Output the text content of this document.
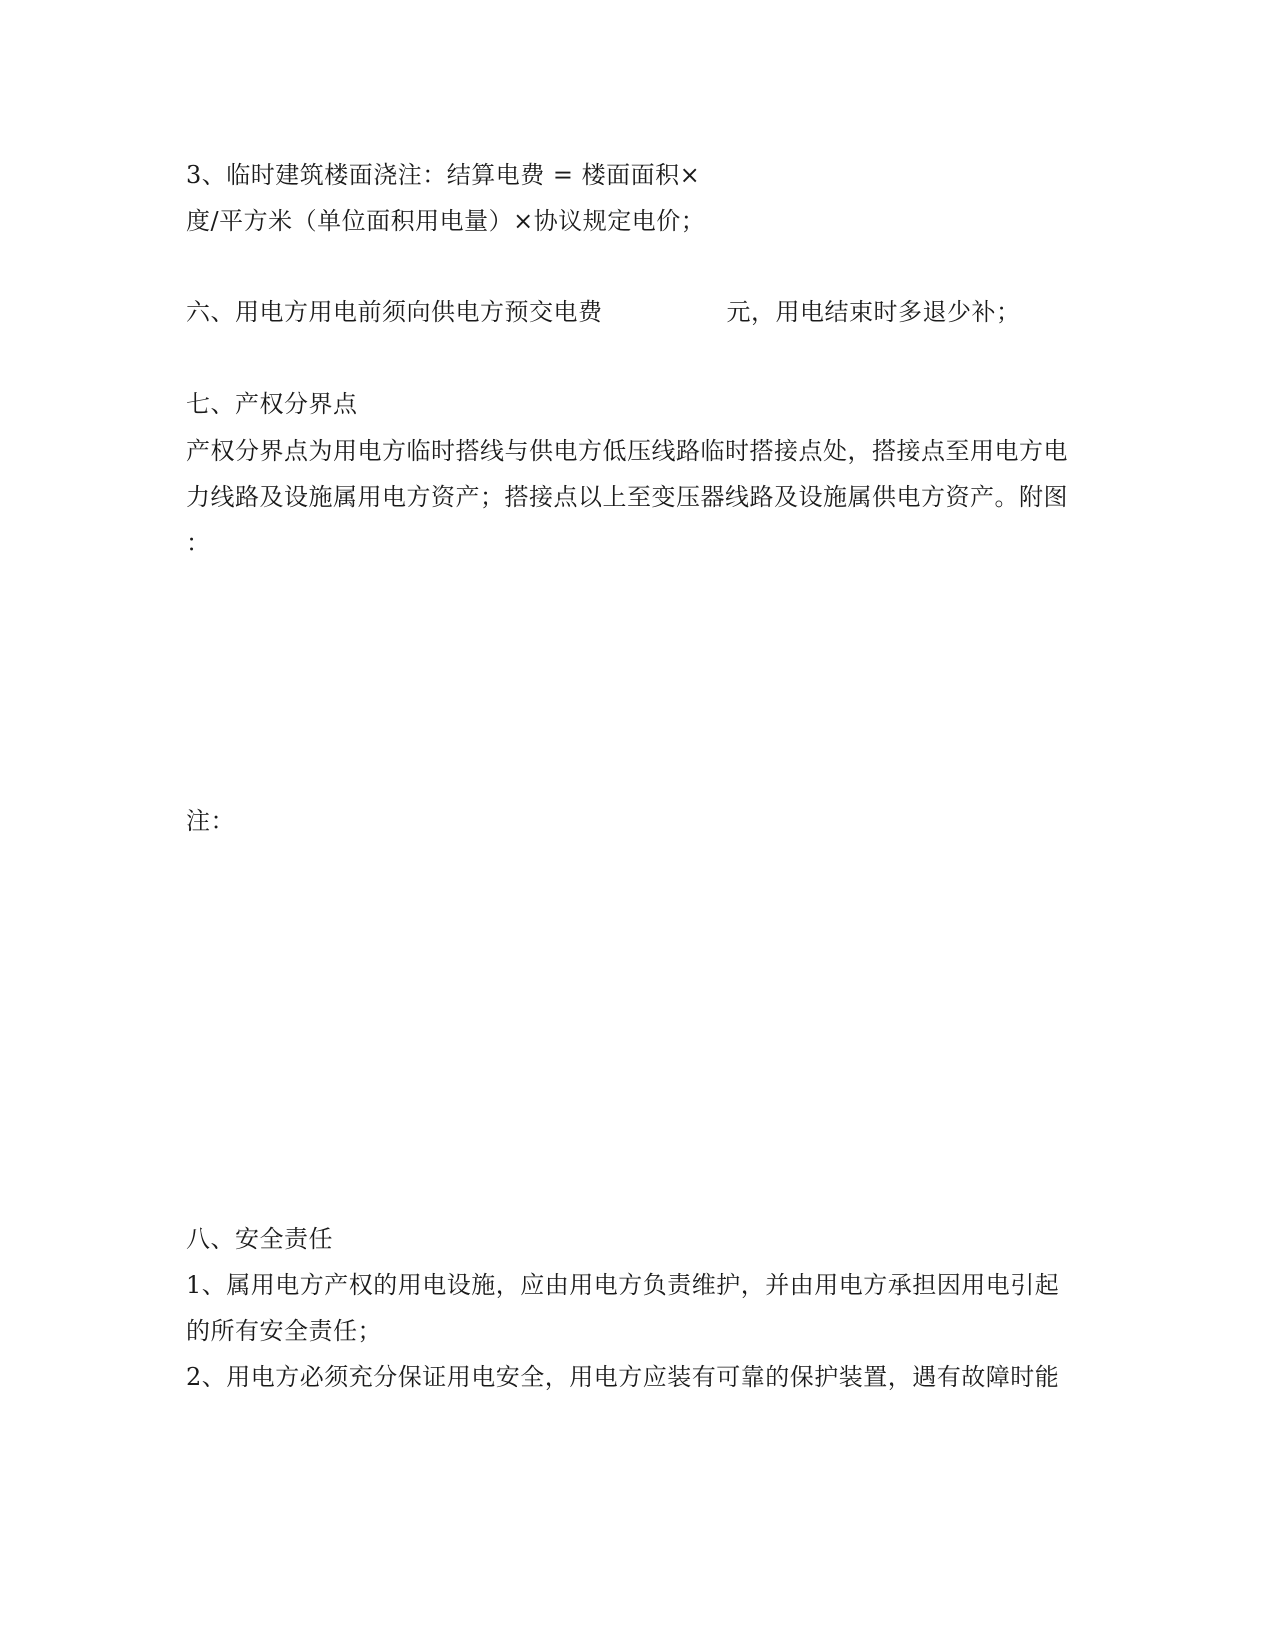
3、临时建筑楼面浇注：结算电费 = 楼面面积×
度/平方米（单位面积用电量）×协议规定电价；
六、用电方用电前须向供电方预交电费	元，用电结束时多退少补；
七、产权分界点
产权分界点为用电方临时搭线与供电方低压线路临时搭接点处，搭接点至用电方电
力线路及设施属用电方资产；搭接点以上至变压器线路及设施属供电方资产。附图
：
注：
八、安全责任
1、属用电方产权的用电设施，应由用电方负责维护，并由用电方承担因用电引起
的所有安全责任；
2、用电方必须充分保证用电安全，用电方应装有可靠的保护装置，遇有故障时能
